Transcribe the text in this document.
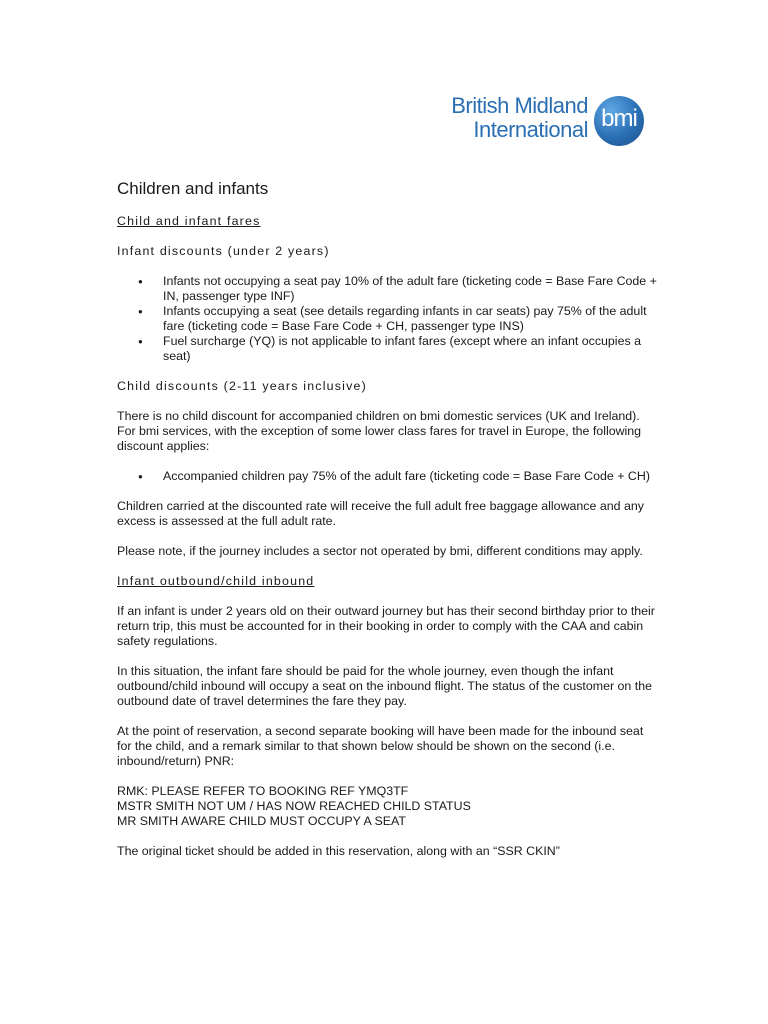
British Midland
International bmi
Children and infants
Child and infant fares
Infant discounts (under 2 years)
● Infants not occupying a seat pay 10% of the adult fare (ticketing code = Base Fare Code + IN, passenger type INF)
● Infants occupying a seat (see details regarding infants in car seats) pay 75% of the adult fare (ticketing code = Base Fare Code + CH, passenger type INS)
● Fuel surcharge (YQ) is not applicable to infant fares (except where an infant occupies a seat)
Child discounts (2-11 years inclusive)

There is no child discount for accompanied children on bmi domestic services (UK and Ireland). For bmi services, with the exception of some lower class fares for travel in Europe, the following discount applies:

● Accompanied children pay 75% of the adult fare (ticketing code = Base Fare Code + CH)

Children carried at the discounted rate will receive the full adult free baggage allowance and any excess is assessed at the full adult rate.

Please note, if the journey includes a sector not operated by bmi, different conditions may apply.

Infant outbound/child inbound

If an infant is under 2 years old on their outward journey but has their second birthday prior to their return trip, this must be accounted for in their booking in order to comply with the CAA and cabin safety regulations.

In this situation, the infant fare should be paid for the whole journey, even though the infant outbound/child inbound will occupy a seat on the inbound flight. The status of the customer on the outbound date of travel determines the fare they pay.

At the point of reservation, a second separate booking will have been made for the inbound seat for the child, and a remark similar to that shown below should be shown on the second (i.e. inbound/return) PNR:

RMK: PLEASE REFER TO BOOKING REF YMQ3TF

MSTR SMITH NOT UM / HAS NOW REACHED CHILD STATUS

MR SMITH AWARE CHILD MUST OCCUPY A SEAT

The original ticket should be added in this reservation, along with an “SSR CKIN”
